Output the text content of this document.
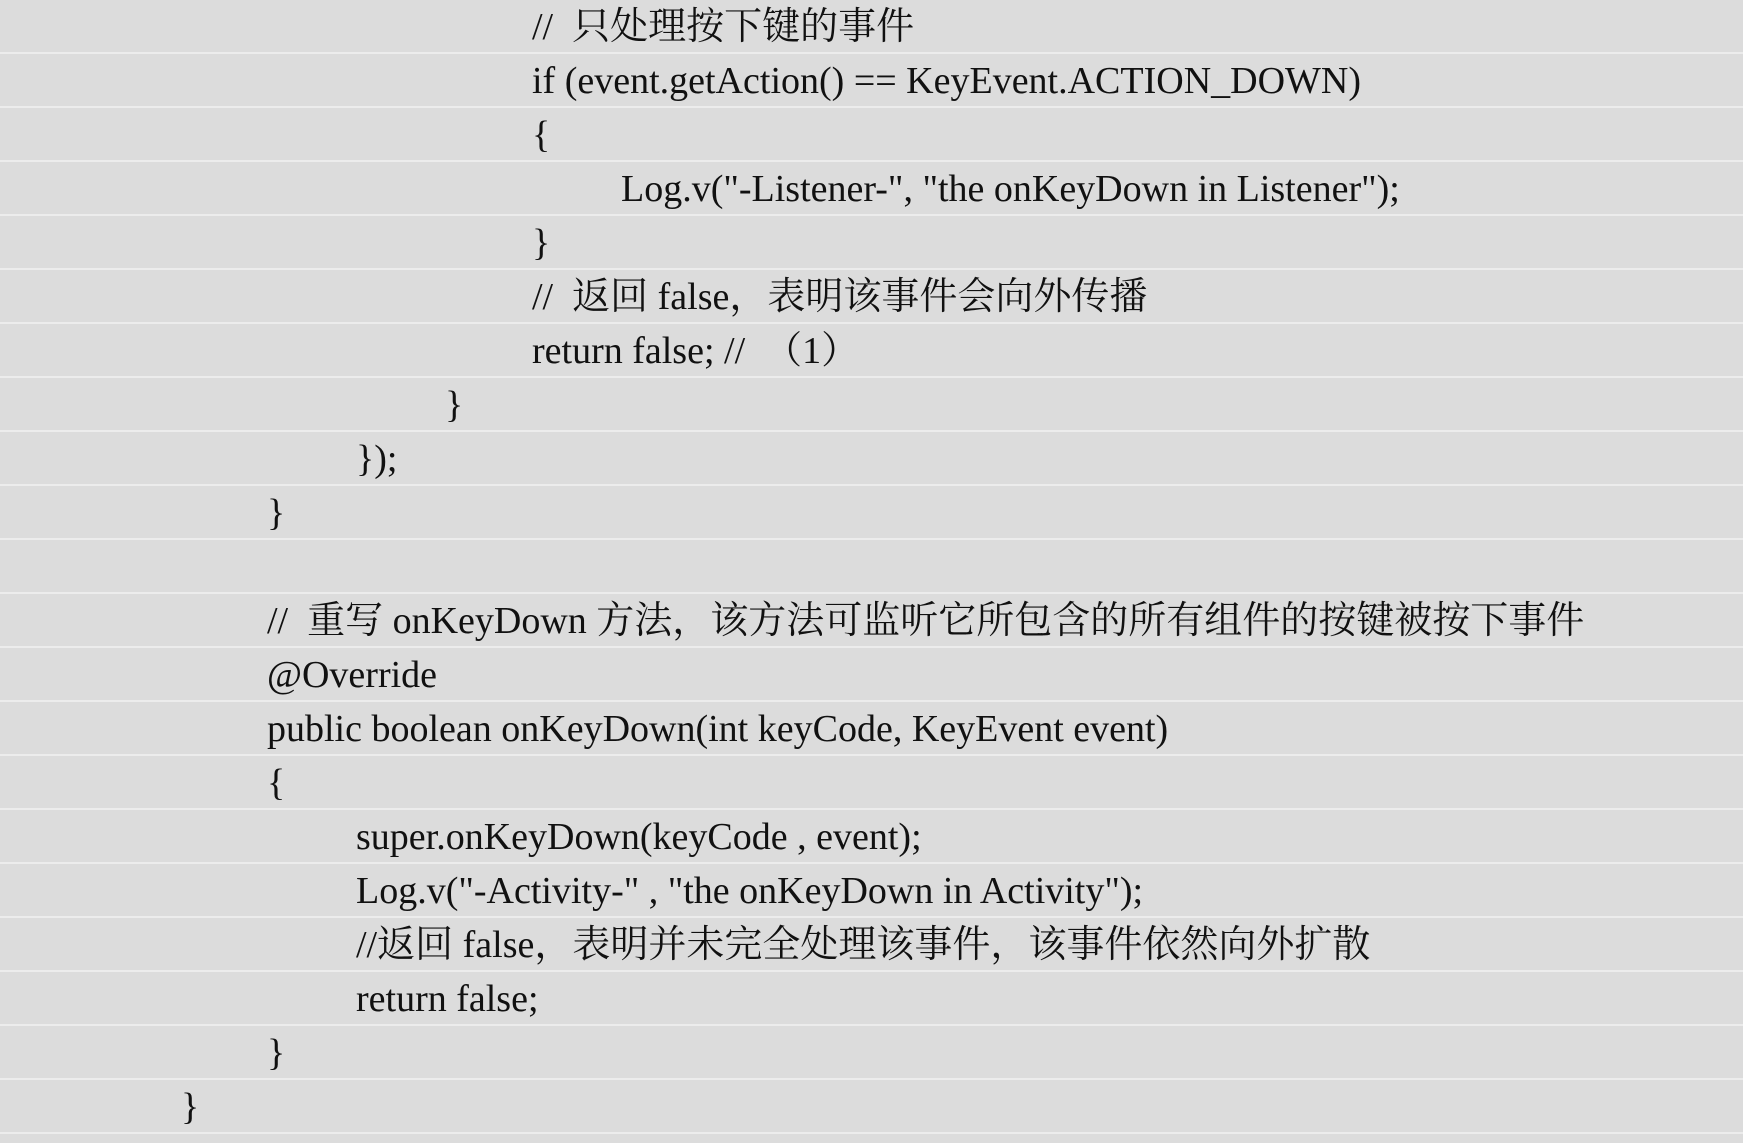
//  只处理按下键的事件

if (event.getAction() == KeyEvent.ACTION_DOWN)

{

Log.v("-Listener-", "the onKeyDown in Listener");

}

//  返回 false，表明该事件会向外传播

return false; //  （1）

}

});

}

//  重写 onKeyDown 方法，该方法可监听它所包含的所有组件的按键被按下事件

@Override

public boolean onKeyDown(int keyCode, KeyEvent event)

{

super.onKeyDown(keyCode , event);

Log.v("-Activity-" , "the onKeyDown in Activity");

//返回 false，表明并未完全处理该事件，该事件依然向外扩散

return false;

}

}
